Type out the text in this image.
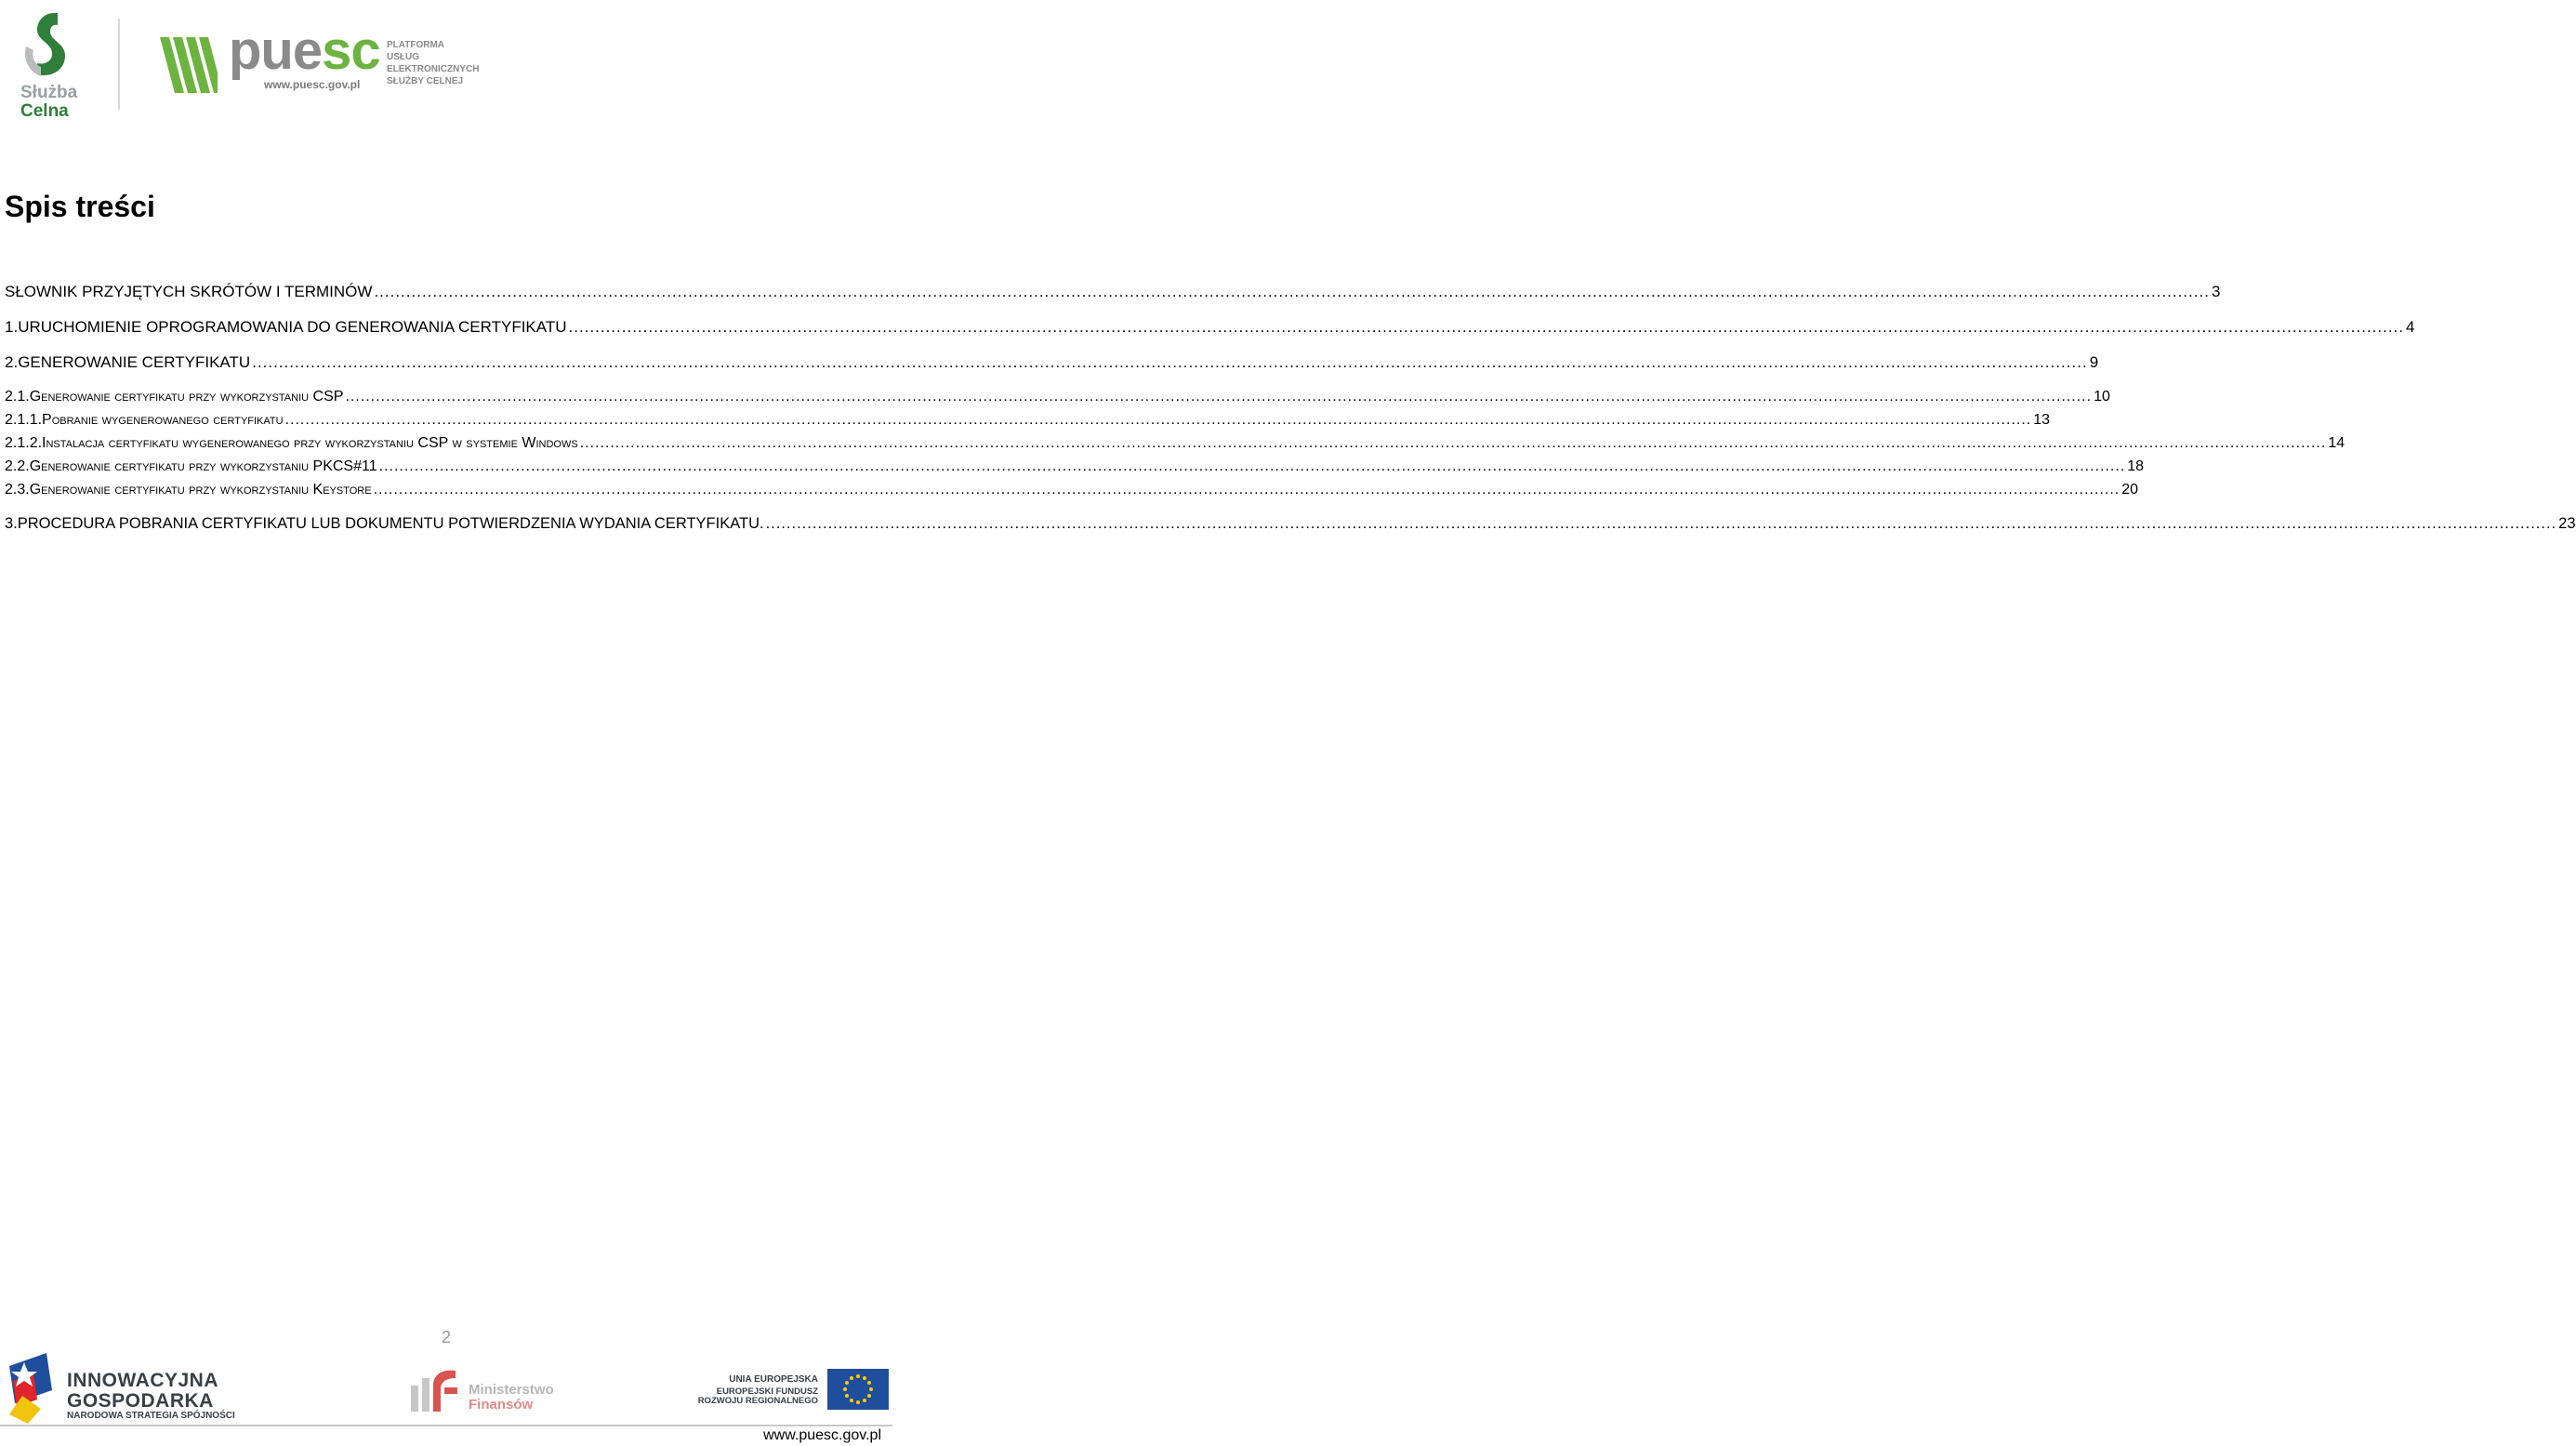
Służba
Celna
puesc
www.puesc.gov.pl
PLATFORMA
USŁUG
ELEKTRONICZNYCH
SŁUŻBY CELNEJ
Spis treści
SŁOWNIK PRZYJĘTYCH SKRÓTÓW I TERMINÓW .....	3
1. URUCHOMIENIE OPROGRAMOWANIA DO GENEROWANIA CERTYFIKATU .....	4
2. GENEROWANIE CERTYFIKATU .....	9
2.1. Generowanie certyfikatu przy wykorzystaniu CSP .....	10
2.1.1. Pobranie wygenerowanego certyfikatu .....	13
2.1.2. Instalacja certyfikatu wygenerowanego przy wykorzystaniu CSP w systemie Windows .....	14
2.2. Generowanie certyfikatu przy wykorzystaniu PKCS#11 .....	18
2.3. Generowanie certyfikatu przy wykorzystaniu Keystore .....	20
3. PROCEDURA POBRANIA CERTYFIKATU LUB DOKUMENTU POTWIERDZENIA WYDANIA CERTYFIKATU. .....	23
2
INNOWACYJNA
GOSPODARKA
NARODOWA STRATEGIA SPÓJNOŚCI
Ministerstwo
Finansów
UNIA EUROPEJSKA
EUROPEJSKI FUNDUSZ
ROZWOJU REGIONALNEGO
www.puesc.gov.pl
